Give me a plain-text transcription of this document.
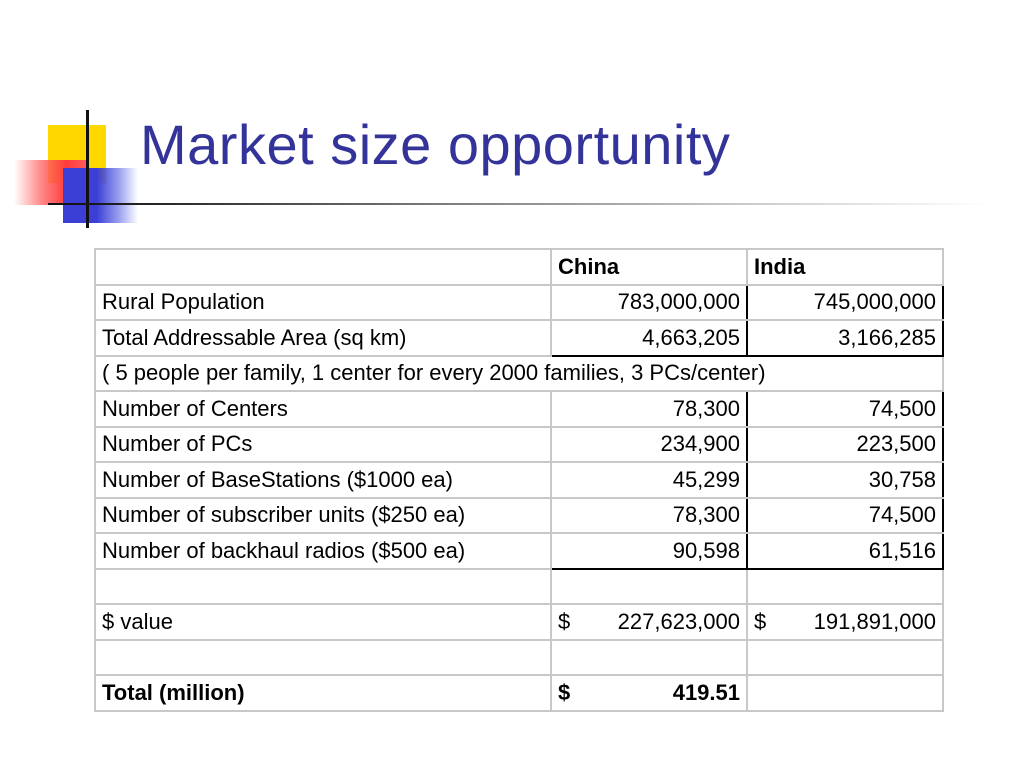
Market size opportunity
	China	India
Rural Population	783,000,000	745,000,000
Total Addressable Area (sq km)	4,663,205	3,166,285
( 5 people per family, 1 center for every 2000 families, 3 PCs/center)		
Number of Centers	78,300	74,500
Number of PCs	234,900	223,500
Number of BaseStations ($1000 ea)	45,299	30,758
Number of subscriber units ($250 ea)	78,300	74,500
Number of backhaul radios ($500 ea)	90,598	61,516

$ value	$ 227,623,000	$ 191,891,000

Total (million)	$ 419.51	
